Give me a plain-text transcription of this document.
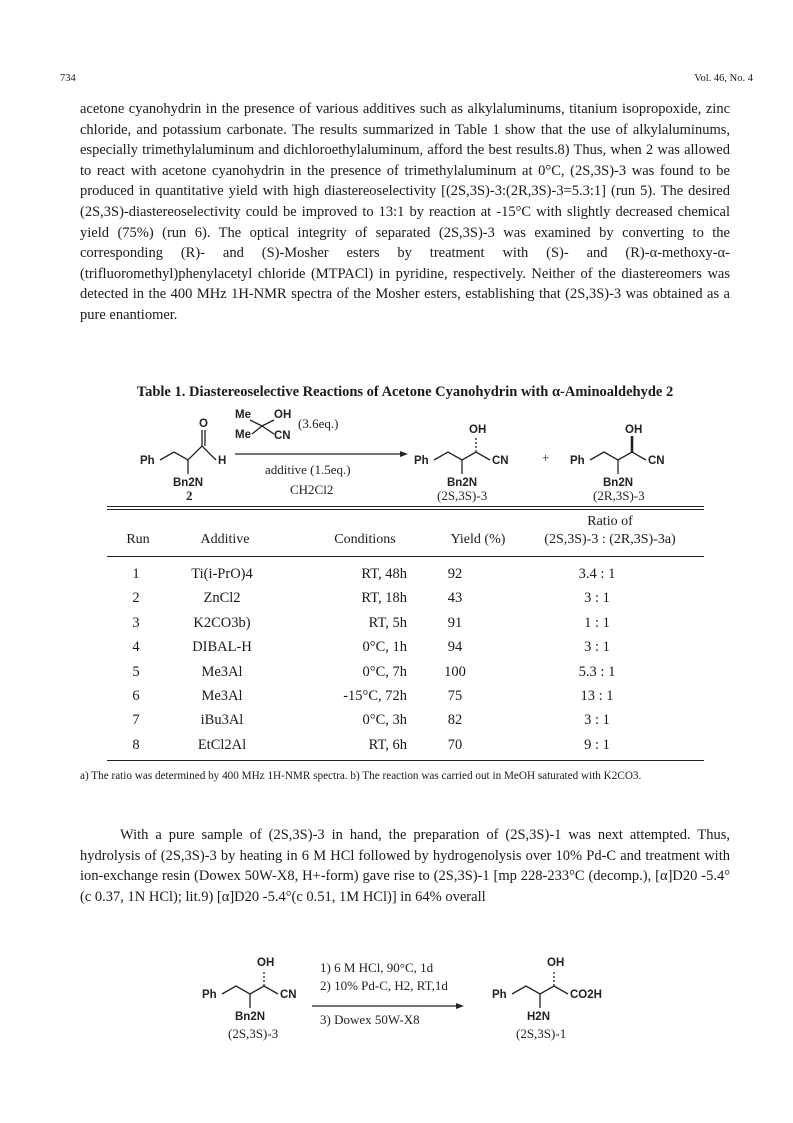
734	Vol. 46, No. 4

acetone cyanohydrin in the presence of various additives such as alkylaluminums, titanium isopropoxide, zinc chloride, and potassium carbonate. The results summarized in Table 1 show that the use of alkylaluminums, especially trimethylaluminum and dichloroethylaluminum, afford the best results.8) Thus, when 2 was allowed to react with acetone cyanohydrin in the presence of trimethylaluminum at 0°C, (2S,3S)-3 was found to be produced in quantitative yield with high diastereoselectivity [(2S,3S)-3:(2R,3S)-3=5.3:1] (run 5). The desired (2S,3S)-diastereoselectivity could be improved to 13:1 by reaction at -15°C with slightly decreased chemical yield (75%) (run 6). The optical integrity of separated (2S,3S)-3 was examined by converting to the corresponding (R)- and (S)-Mosher esters by treatment with (S)- and (R)-α-methoxy-α-(trifluoromethyl)phenylacetyl chloride (MTPACl) in pyridine, respectively. Neither of the diastereomers was detected in the 400 MHz 1H-NMR spectra of the Mosher esters, establishing that (2S,3S)-3 was obtained as a pure enantiomer.

Table 1. Diastereoselective Reactions of Acetone Cyanohydrin with α-Aminoaldehyde 2
O
H
Ph
Bn2N
Me OH
Me CN	OH
Ph	CN
Bn2N
OH
Ph	CN
Bn2N
(3.6eq.)
additive (1.5eq.)
CH2Cl2
2	(2S,3S)-3	(2R,3S)-3
+
Run	Additive	Conditions	Yield (%)
Ratio of
(2S,3S)-3 : (2R,3S)-3a)
1	Ti(i-PrO)4	RT, 48h	92	3.4 : 1
2	ZnCl2	RT, 18h	43	3 : 1
3	K2CO3b)	RT, 5h	91	1 : 1
4	DIBAL-H	0°C, 1h	94	3 : 1
5	Me3Al	0°C, 7h	100	5.3 : 1
6	Me3Al	-15°C, 72h	75	13 : 1
7	iBu3Al	0°C, 3h	82	3 : 1
8	EtCl2Al	RT, 6h	70	9 : 1
a) The ratio was determined by 400 MHz 1H-NMR spectra. b) The reaction was carried out in MeOH saturated with K2CO3.

With a pure sample of (2S,3S)-3 in hand, the preparation of (2S,3S)-1 was next attempted. Thus, hydrolysis of (2S,3S)-3 by heating in 6 M HCl followed by hydrogenolysis over 10% Pd-C and treatment with ion-exchange resin (Dowex 50W-X8, H+-form) gave rise to (2S,3S)-1 [mp 228-233°C (decomp.), [α]D20 -5.4°(c 0.37, 1N HCl); lit.9) [α]D20 -5.4°(c 0.51, 1M HCl)] in 64% overall

OH
Ph	CN
Bn2N
OH
Ph	CO2H
H2N
1) 6 M HCl, 90°C, 1d
2) 10% Pd-C, H2, RT,1d
3) Dowex 50W-X8
(2S,3S)-3	(2S,3S)-1
